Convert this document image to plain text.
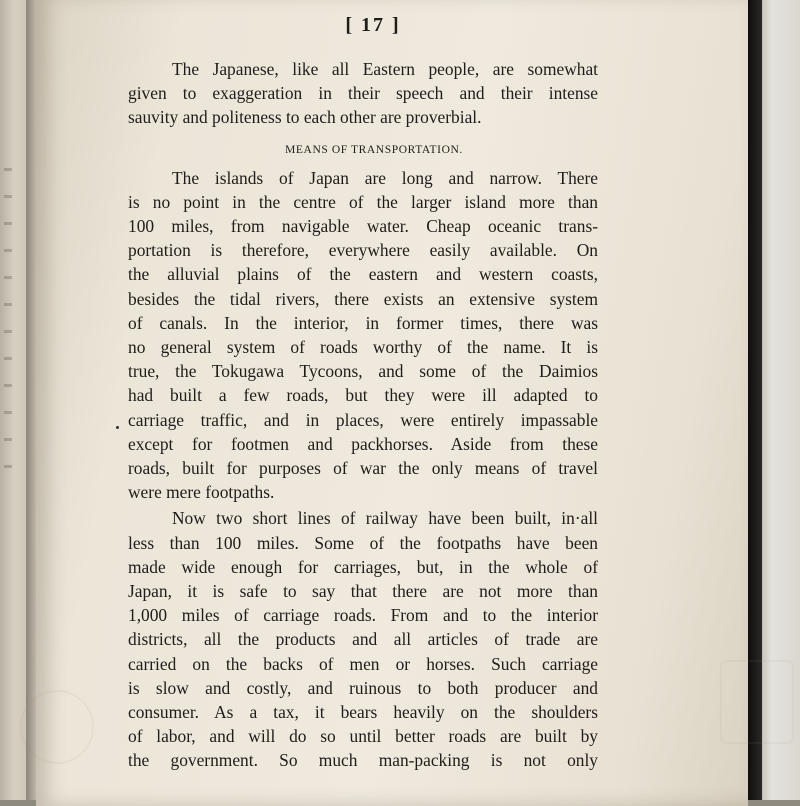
[ 17 ]
The Japanese, like all Eastern people, are somewhat
given to exaggeration in their speech and their intense
sauvity and politeness to each other are proverbial.
MEANS OF TRANSPORTATION.
The islands of Japan are long and narrow. There
is no point in the centre of the larger island more than
100 miles, from navigable water. Cheap oceanic trans-
portation is therefore, everywhere easily available. On
the alluvial plains of the eastern and western coasts,
besides the tidal rivers, there exists an extensive system
of canals. In the interior, in former times, there was
no general system of roads worthy of the name. It is
true, the Tokugawa Tycoons, and some of the Daimios
had built a few roads, but they were ill adapted to
carriage traffic, and in places, were entirely impassable
except for footmen and packhorses. Aside from these
roads, built for purposes of war the only means of travel
were mere footpaths.
Now two short lines of railway have been built, in·all
less than 100 miles. Some of the footpaths have been
made wide enough for carriages, but, in the whole of
Japan, it is safe to say that there are not more than
1,000 miles of carriage roads. From and to the interior
districts, all the products and all articles of trade are
carried on the backs of men or horses. Such carriage
is slow and costly, and ruinous to both producer and
consumer. As a tax, it bears heavily on the shoulders
of labor, and will do so until better roads are built by
the government. So much man-packing is not only
